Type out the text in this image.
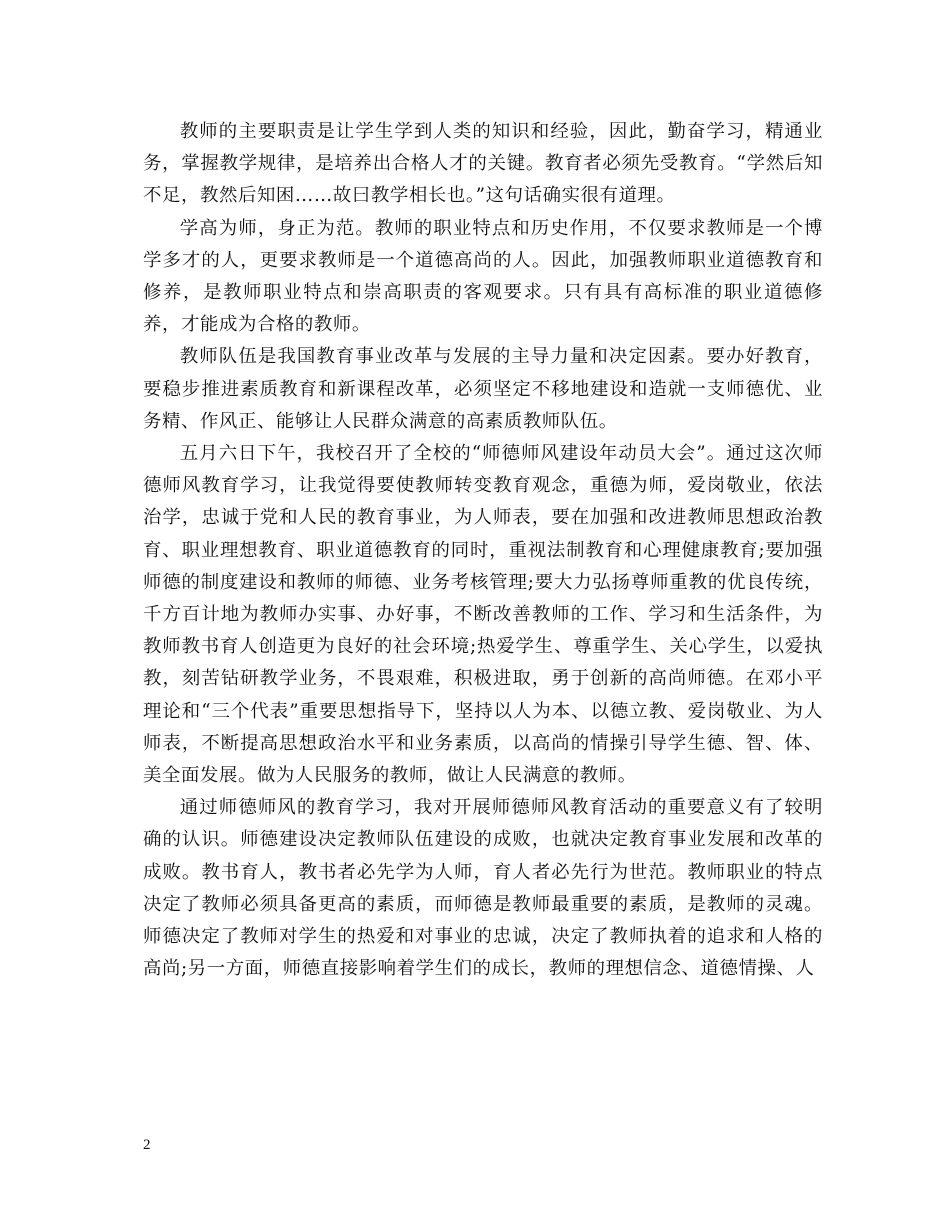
教师的主要职责是让学生学到人类的知识和经验，因此，勤奋学习，精通业务，掌握教学规律，是培养出合格人才的关键。教育者必须先受教育。“学然后知不足，教然后知困……故曰教学相长也。”这句话确实很有道理。

学高为师，身正为范。教师的职业特点和历史作用，不仅要求教师是一个博学多才的人，更要求教师是一个道德高尚的人。因此，加强教师职业道德教育和修养，是教师职业特点和崇高职责的客观要求。只有具有高标准的职业道德修养，才能成为合格的教师。

教师队伍是我国教育事业改革与发展的主导力量和决定因素。要办好教育，要稳步推进素质教育和新课程改革，必须坚定不移地建设和造就一支师德优、业务精、作风正、能够让人民群众满意的高素质教师队伍。

五月六日下午，我校召开了全校的“师德师风建设年动员大会”。通过这次师德师风教育学习，让我觉得要使教师转变教育观念，重德为师，爱岗敬业，依法治学，忠诚于党和人民的教育事业，为人师表，要在加强和改进教师思想政治教育、职业理想教育、职业道德教育的同时，重视法制教育和心理健康教育;要加强师德的制度建设和教师的师德、业务考核管理;要大力弘扬尊师重教的优良传统，千方百计地为教师办实事、办好事，不断改善教师的工作、学习和生活条件，为教师教书育人创造更为良好的社会环境;热爱学生、尊重学生、关心学生，以爱执教，刻苦钻研教学业务，不畏艰难，积极进取，勇于创新的高尚师德。在邓小平理论和“三个代表”重要思想指导下，坚持以人为本、以德立教、爱岗敬业、为人师表，不断提高思想政治水平和业务素质，以高尚的情操引导学生德、智、体、美全面发展。做为人民服务的教师，做让人民满意的教师。

通过师德师风的教育学习，我对开展师德师风教育活动的重要意义有了较明确的认识。师德建设决定教师队伍建设的成败，也就决定教育事业发展和改革的成败。教书育人，教书者必先学为人师，育人者必先行为世范。教师职业的特点决定了教师必须具备更高的素质，而师德是教师最重要的素质，是教师的灵魂。师德决定了教师对学生的热爱和对事业的忠诚，决定了教师执着的追求和人格的高尚;另一方面，师德直接影响着学生们的成长，教师的理想信念、道德情操、人

2
